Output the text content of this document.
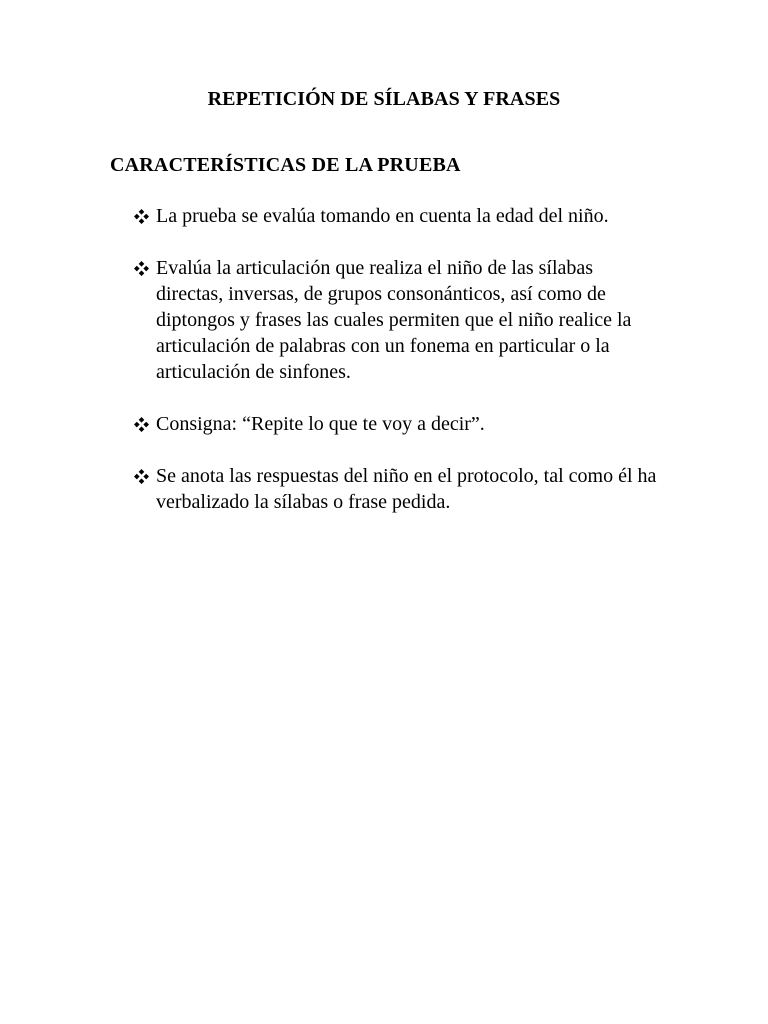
REPETICIÓN DE SÍLABAS Y FRASES
CARACTERÍSTICAS DE LA PRUEBA
La prueba se evalúa tomando en cuenta la edad del niño.
Evalúa la articulación que realiza el niño de las sílabas directas, inversas, de grupos consonánticos, así como de diptongos y frases las cuales permiten que el niño realice la articulación de palabras con un fonema en particular o la articulación de sinfones.
Consigna: “Repite lo que te voy a decir”.
Se anota las respuestas del niño en el protocolo, tal como él ha verbalizado la sílabas o frase pedida.
